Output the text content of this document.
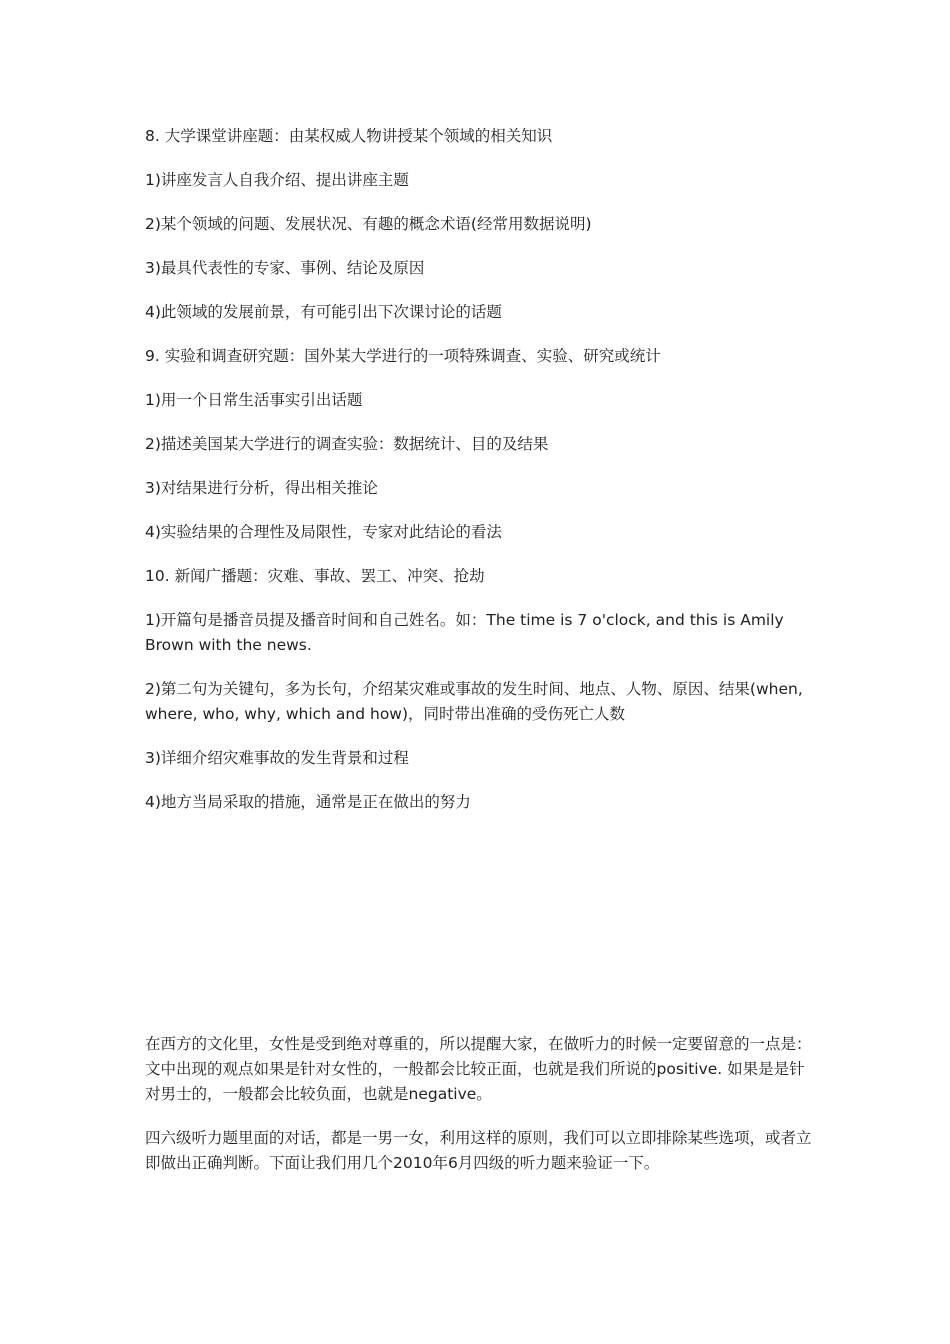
8. 大学课堂讲座题：由某权威人物讲授某个领域的相关知识

1)讲座发言人自我介绍、提出讲座主题

2)某个领域的问题、发展状况、有趣的概念术语(经常用数据说明)

3)最具代表性的专家、事例、结论及原因

4)此领域的发展前景，有可能引出下次课讨论的话题

9. 实验和调查研究题：国外某大学进行的一项特殊调查、实验、研究或统计

1)用一个日常生活事实引出话题

2)描述美国某大学进行的调查实验：数据统计、目的及结果

3)对结果进行分析，得出相关推论

4)实验结果的合理性及局限性，专家对此结论的看法

10. 新闻广播题：灾难、事故、罢工、冲突、抢劫

1)开篇句是播音员提及播音时间和自己姓名。如：The time is 7 o'clock, and this is Amily Brown with the news.

2)第二句为关键句，多为长句，介绍某灾难或事故的发生时间、地点、人物、原因、结果(when, where, who, why, which and how)，同时带出准确的受伤死亡人数

3)详细介绍灾难事故的发生背景和过程

4)地方当局采取的措施，通常是正在做出的努力

在西方的文化里，女性是受到绝对尊重的，所以提醒大家，在做听力的时候一定要留意的一点是：文中出现的观点如果是针对女性的，一般都会比较正面，也就是我们所说的positive. 如果是是针对男士的，一般都会比较负面，也就是negative。

四六级听力题里面的对话，都是一男一女，利用这样的原则，我们可以立即排除某些选项，或者立即做出正确判断。下面让我们用几个2010年6月四级的听力题来验证一下。
